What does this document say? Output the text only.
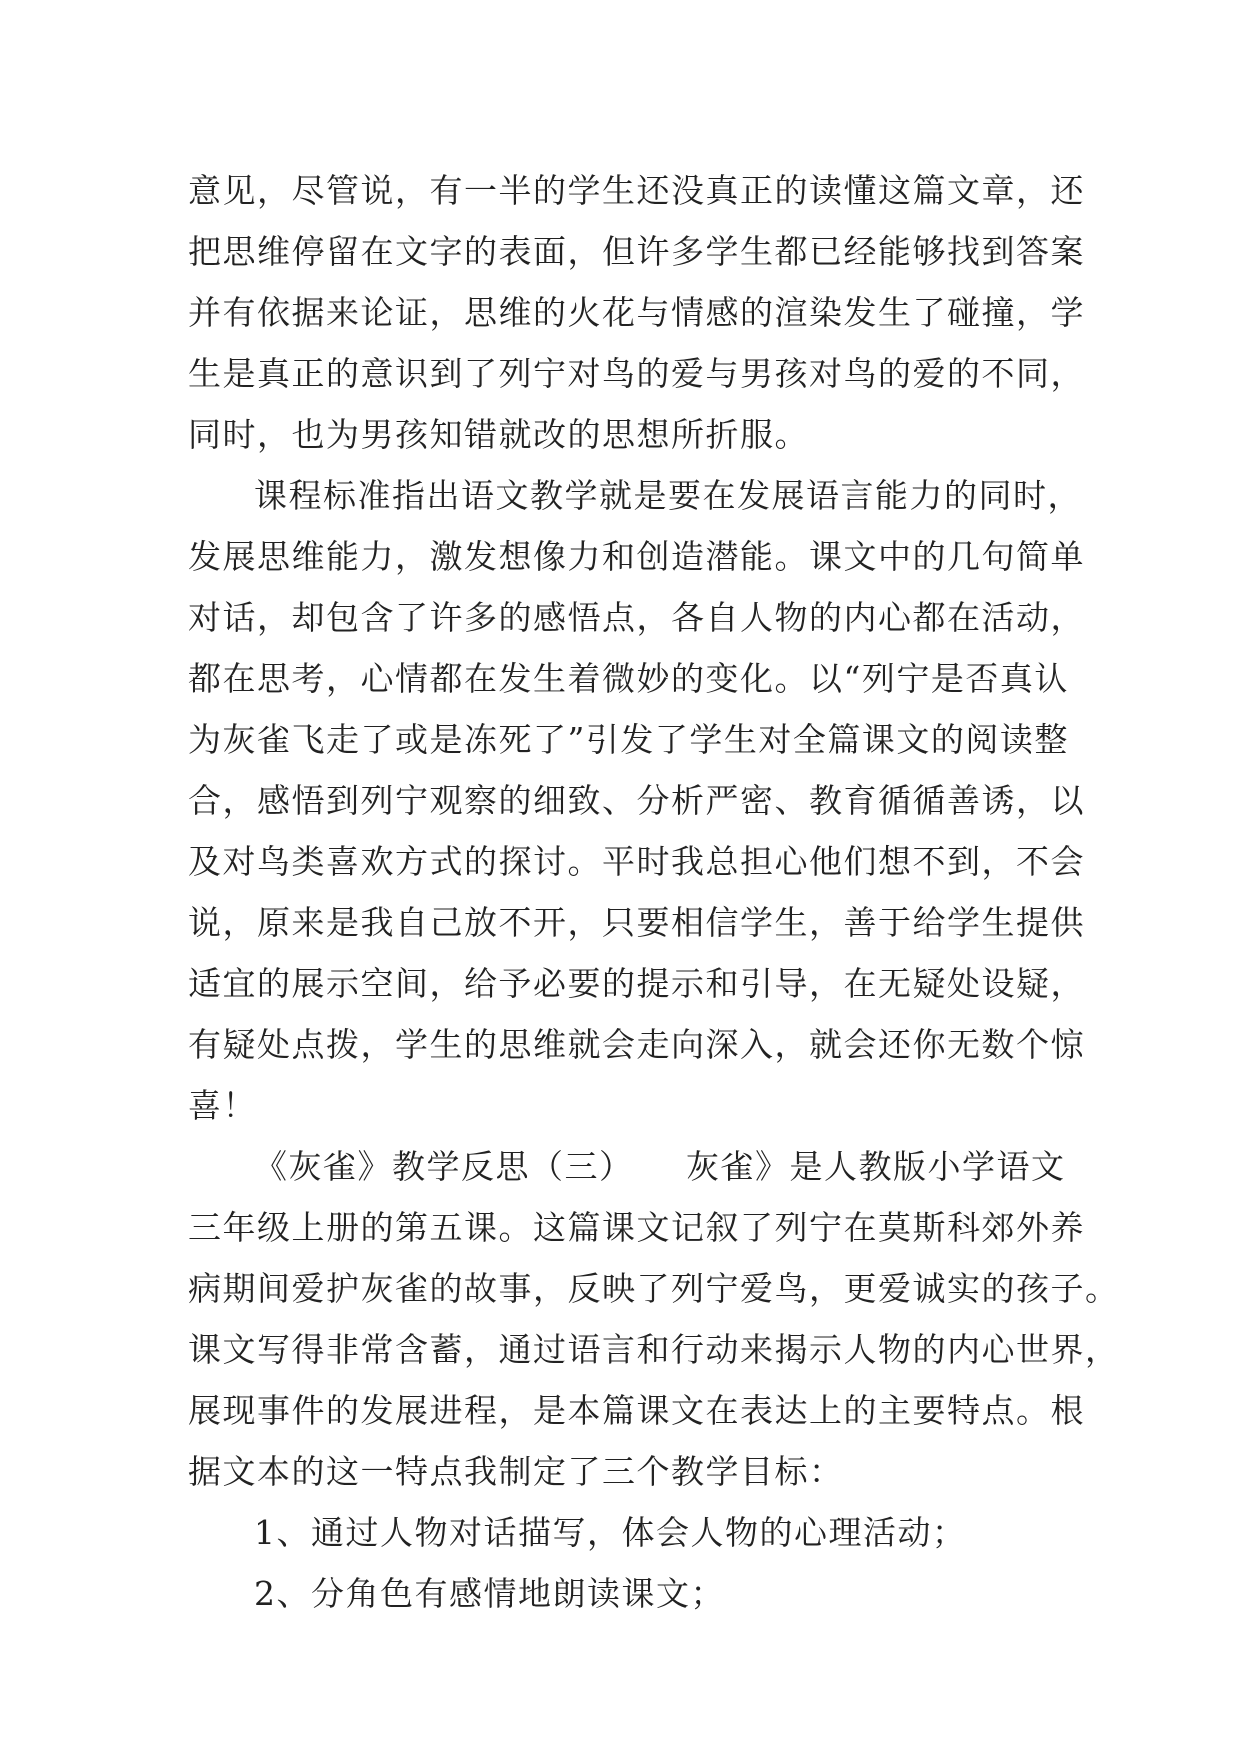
意见，尽管说，有一半的学生还没真正的读懂这篇文章，还
把思维停留在文字的表面，但许多学生都已经能够找到答案
并有依据来论证，思维的火花与情感的渲染发生了碰撞，学
生是真正的意识到了列宁对鸟的爱与男孩对鸟的爱的不同，
同时，也为男孩知错就改的思想所折服。
课程标准指出语文教学就是要在发展语言能力的同时，
发展思维能力，激发想像力和创造潜能。课文中的几句简单
对话，却包含了许多的感悟点，各自人物的内心都在活动，
都在思考，心情都在发生着微妙的变化。以“列宁是否真认
为灰雀飞走了或是冻死了”引发了学生对全篇课文的阅读整
合，感悟到列宁观察的细致、分析严密、教育循循善诱，以
及对鸟类喜欢方式的探讨。平时我总担心他们想不到，不会
说，原来是我自己放不开，只要相信学生，善于给学生提供
适宜的展示空间，给予必要的提示和引导，在无疑处设疑，
有疑处点拨，学生的思维就会走向深入，就会还你无数个惊
喜！
《灰雀》教学反思（三）　　灰雀》是人教版小学语文
三年级上册的第五课。这篇课文记叙了列宁在莫斯科郊外养
病期间爱护灰雀的故事，反映了列宁爱鸟，更爱诚实的孩子。
课文写得非常含蓄，通过语言和行动来揭示人物的内心世界，
展现事件的发展进程，是本篇课文在表达上的主要特点。根
据文本的这一特点我制定了三个教学目标：
1、通过人物对话描写，体会人物的心理活动；
2、分角色有感情地朗读课文；
